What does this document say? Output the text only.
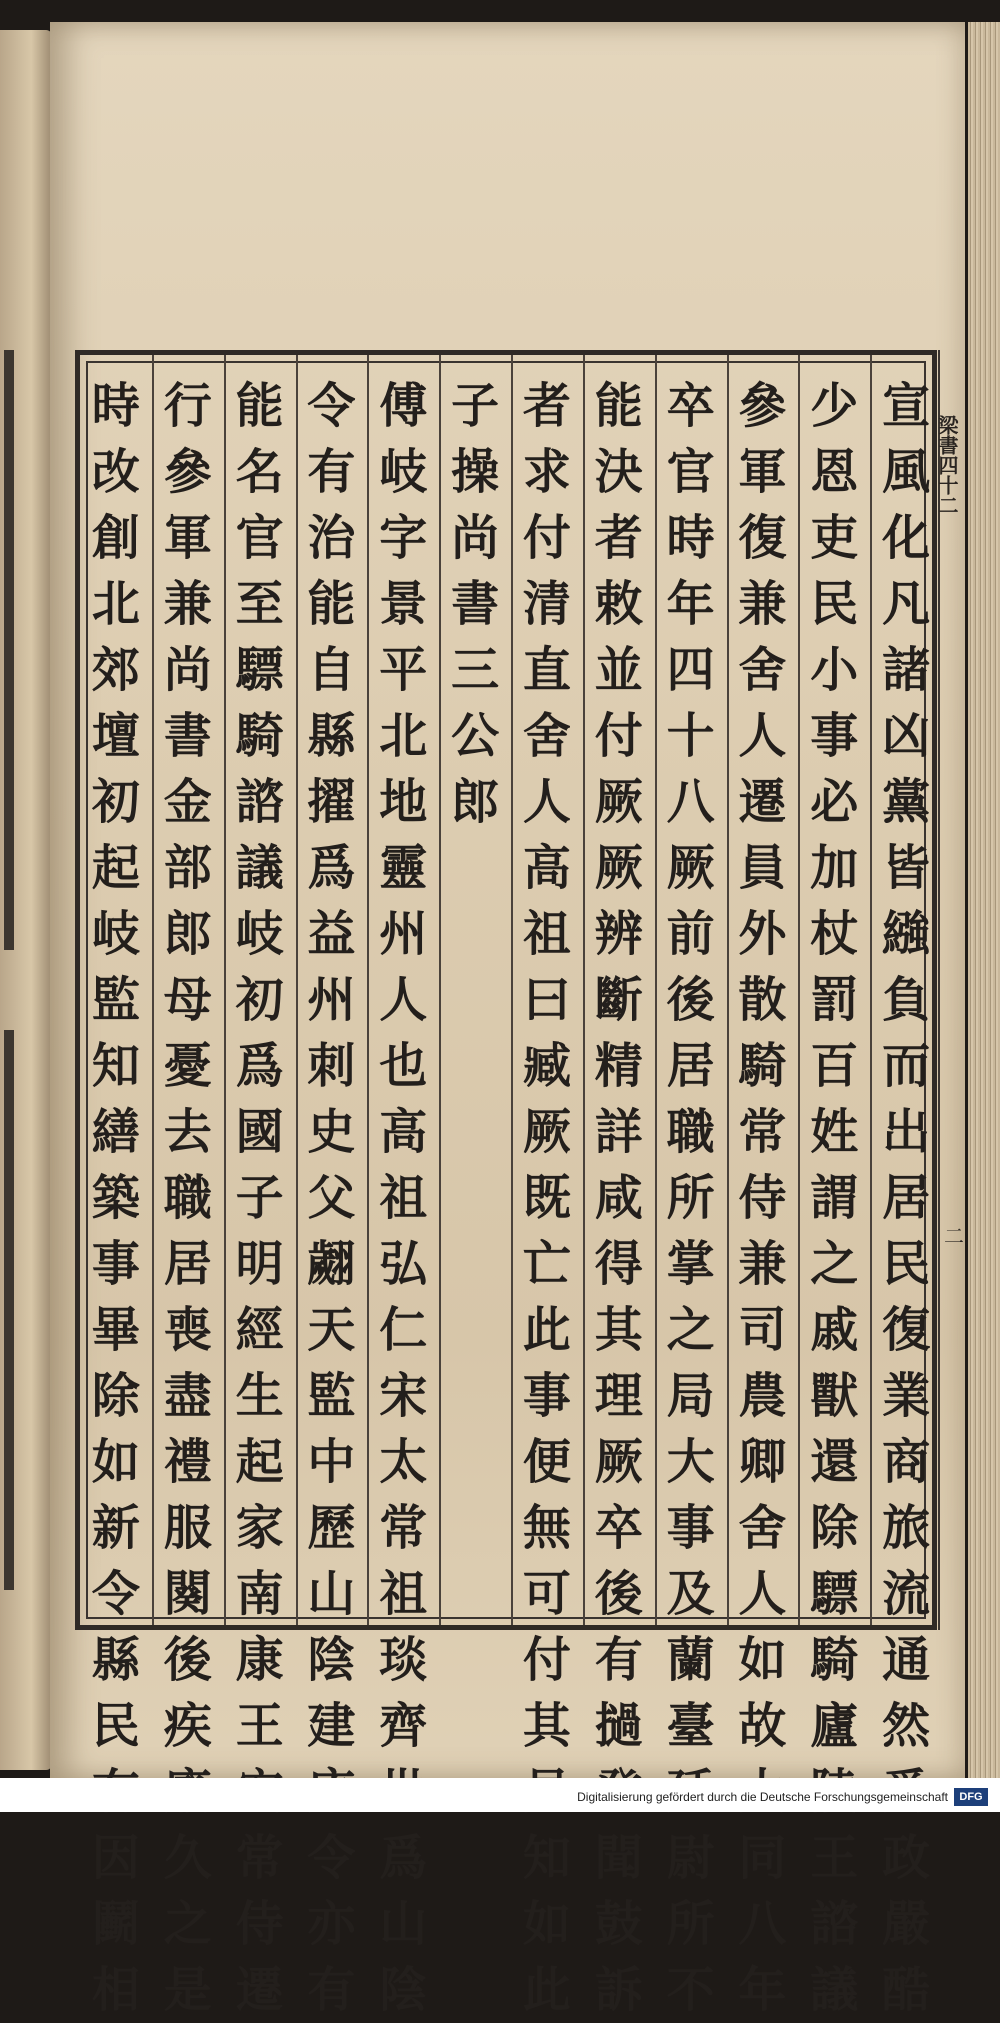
宣
風
化
凡
諸
凶
黨
皆
繈
負
而
出
居
民
復
業
商
旅
流
通
然
政
嚴
酷
少
恩
吏
民
小
事
必
加
杖
罰
百
姓
謂
之
戚
獸
還
除
驃
騎
廬
王
諮
議
參
軍
復
兼
舍
人
遷
員
外
散
騎
常
侍
兼
司
農
卿
舍
人
如
故
同
八
年
卒
官
時
年
四
十
八
厥
前
後
居
職
所
掌
之
局
大
事
及
蘭
臺
尉
所
不
能
決
者
敕
並
付
厥
厥
辨
斷
精
詳
咸
得
其
理
厥
卒
後
有
撾
聞
鼓
訴
者
求
付
清
直
舍
人
高
祖
曰
臧
厥
既
亡
此
事
便
無
可
付
其
知
如
此
子
操
尚
書
三
公
郎
傅
岐
字
景
平
北
地
靈
州
人
也
高
祖
弘
仁
宋
太
常
祖
琰
齊
爲
山
陰
令
有
治
能
自
縣
擢
爲
益
州
刺
史
父
翽
天
監
中
歷
山
陰
建
令
亦
有
能
名
官
至
驃
騎
諮
議
岐
初
爲
國
子
明
經
生
起
家
南
康
王
常
侍
遷
行
參
軍
兼
尚
書
金
部
郎
母
憂
去
職
居
喪
盡
禮
服
闋
後
疾
久
之
是
時
改
創
北
郊
壇
初
起
岐
監
知
繕
築
事
畢
除
如
新
令
縣
民
因
鬬
相
梁書四十二
二
Digitalisierung gefördert durch die Deutsche Forschungsgemeinschaft	DFG
